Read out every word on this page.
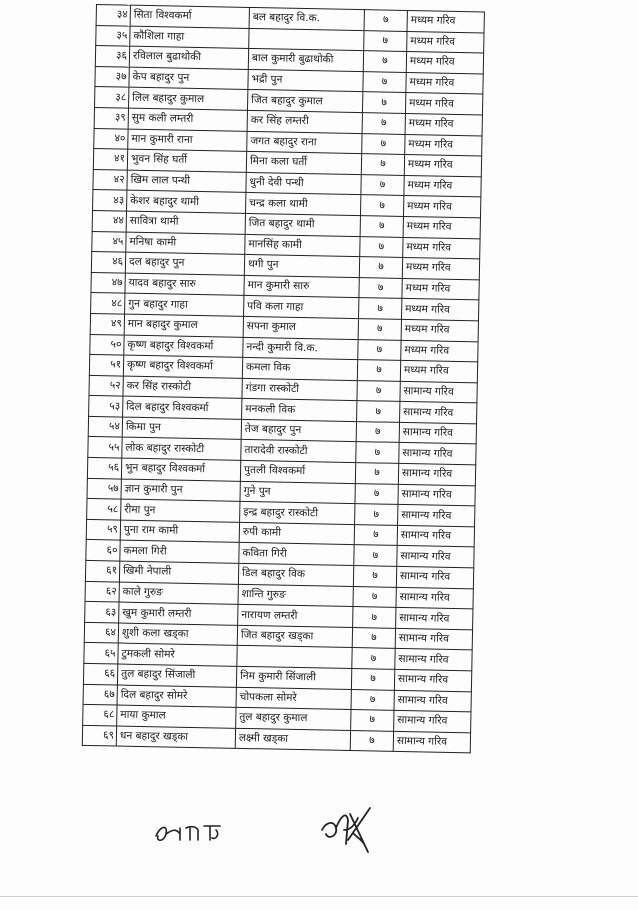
३४	सिता विश्वकर्मा	बल बहादुर वि.क.	७	मध्यम गरिव
३५	कौशिला गाहा		७	मध्यम गरिव
३६	रविलाल बुढाथोकी	बाल कुमारी बुढाथोकी	७	मध्यम गरिव
३७	केप बहादुर पुन	भद्री पुन	७	मध्यम गरिव
३८	लिल बहादुर कुमाल	जित बहादुर कुमाल	७	मध्यम गरिव
३९	सुम कली लम्तरी	कर सिंह लम्तरी	७	मध्यम गरिव
४०	मान कुमारी राना	जगत बहादुर राना	७	मध्यम गरिव
४१	भुवन सिंह घर्ती	मिना कला घर्ती	७	मध्यम गरिव
४२	खिम लाल पन्थी	धुनी देवी पन्थी	७	मध्यम गरिव
४३	केशर बहादुर थामी	चन्द्र कला थामी	७	मध्यम गरिव
४४	सावित्रा थामी	जित बहादुर थामी	७	मध्यम गरिव
४५	मनिषा कामी	मानसिंह कामी	७	मध्यम गरिव
४६	दल बहादुर पुन	थगी पुन	७	मध्यम गरिव
४७	यादव बहादुर सारु	मान कुमारी सारु	७	मध्यम गरिव
४८	गुन बहादुर गाहा	पवि कला गाहा	७	मध्यम गरिव
४९	मान बहादुर कुमाल	सपना कुमाल	७	मध्यम गरिव
५०	कृष्ण बहादुर विश्वकर्मा	नन्दी कुमारी वि.क.	७	मध्यम गरिव
५१	कृष्ण बहादुर विश्वकर्मा	कमला विक	७	मध्यम गरिव
५२	कर सिंह रास्कोटी	गंडगा रास्कोटी	७	सामान्य गरिव
५३	दिल बहादुर विश्वकर्मा	मनकली विक	७	सामान्य गरिव
५४	किमा पुन	तेज बहादुर पुन	७	सामान्य गरिव
५५	लोक बहादुर रास्कोटी	तारादेवी रास्कोटी	७	सामान्य गरिव
५६	भुन बहादुर विश्वकर्मा	पुतली विश्वकर्मा	७	सामान्य गरिव
५७	ज्ञान कुमारी पुन	गुने पुन	७	सामान्य गरिव
५८	रीमा पुन	इन्द्र बहादुर रास्कोटी	७	सामान्य गरिव
५९	पुना राम कामी	रुपी कामी	७	सामान्य गरिव
६०	कमला गिरी	कविता गिरी	७	सामान्य गरिव
६१	खिमी नेपाली	डिल बहादुर विक	७	सामान्य गरिव
६२	काले गुरुङ	शान्ति गुरुङ	७	सामान्य गरिव
६३	खुम कुमारी लम्तरी	नारायण लम्तरी	७	सामान्य गरिव
६४	शुशी कला खड्का	जित बहादुर खड्का	७	सामान्य गरिव
६५	टुमकली सोमरे		७	सामान्य गरिव
६६	तुल बहादुर सिंजाली	निम कुमारी सिंजाली	७	सामान्य गरिव
६७	दिल बहादुर सोमरे	चोपकला सोमरे	७	सामान्य गरिव
६८	माया कुमाल	तुल बहादुर कुमाल	७	सामान्य गरिव
६९	धन बहादुर खड्का	लक्ष्मी खड्का	७	सामान्य गरिव
